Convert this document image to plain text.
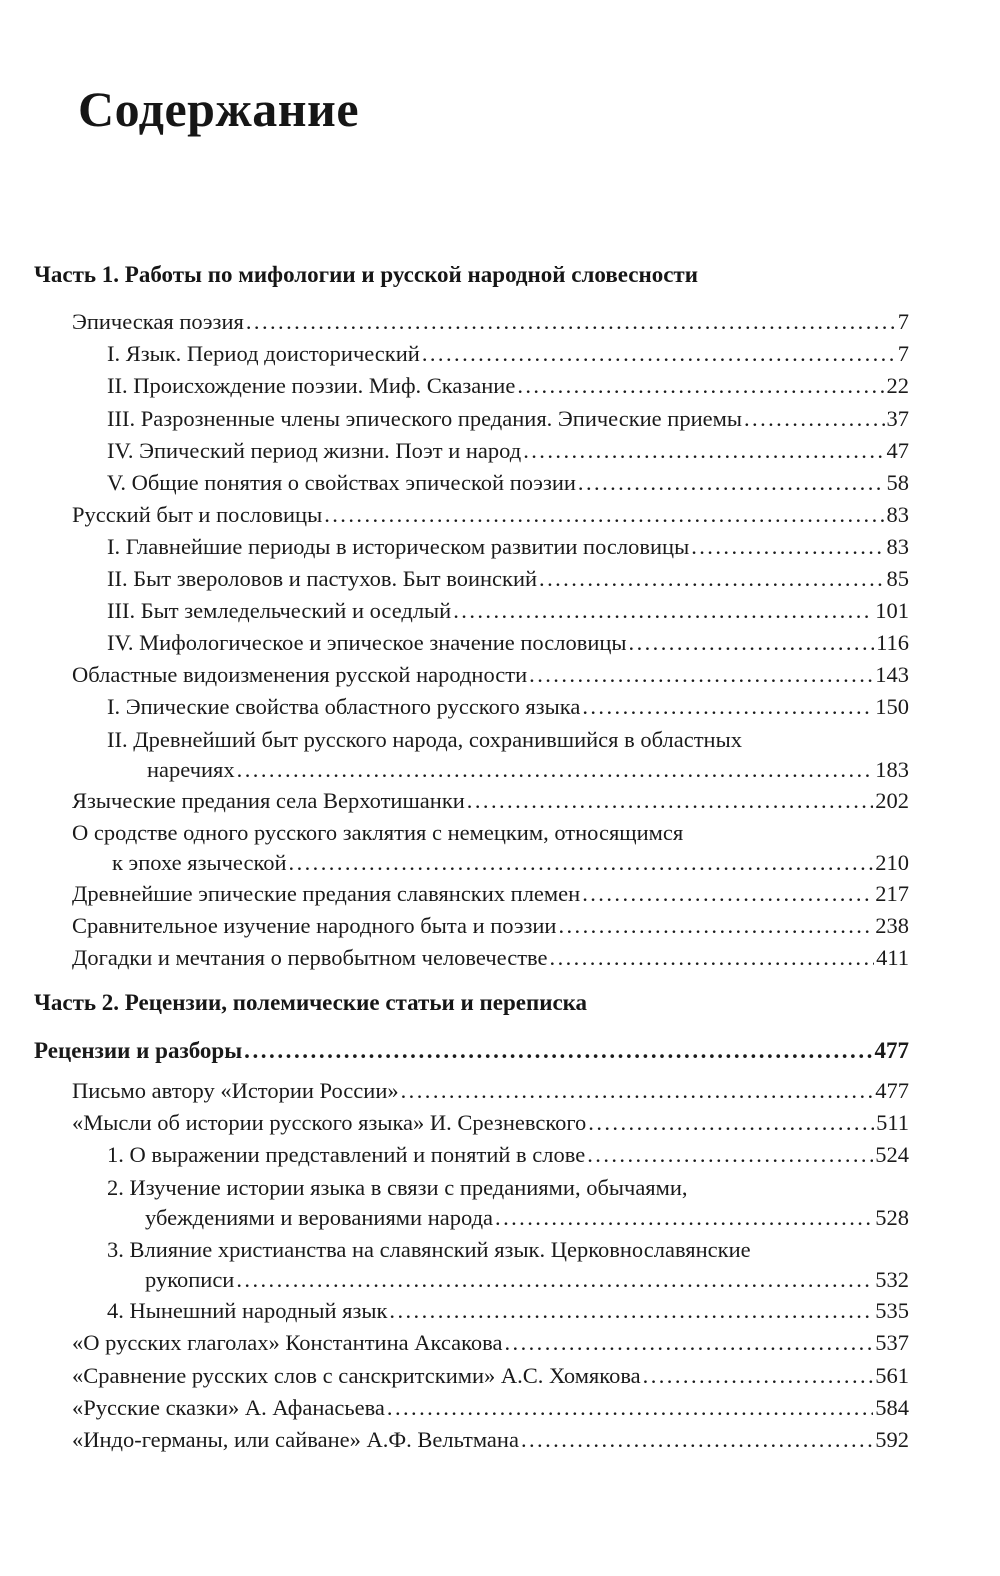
Содержание
Часть 1. Работы по мифологии и русской народной словесности
Эпическая поэзия . . .	7
I. Язык. Период доисторический . . .	7
II. Происхождение поэзии. Миф. Сказание . . .	22
III. Разрозненные члены эпического предания. Эпические приемы . . .	37
IV. Эпический период жизни. Поэт и народ . . .	47
V. Общие понятия о свойствах эпической поэзии . . .	58
Русский быт и пословицы . . .	83
I. Главнейшие периоды в историческом развитии пословицы . . .	83
II. Быт звероловов и пастухов. Быт воинский . . .	85
III. Быт земледельческий и оседлый . . .	101
IV. Мифологическое и эпическое значение пословицы . . .	116
Областные видоизменения русской народности . . .	143
I. Эпические свойства областного русского языка . . .	150
II. Древнейший быт русского народа, сохранившийся в областных
наречиях . . .	183
Языческие предания села Верхотишанки . . .	202
О сродстве одного русского заклятия с немецким, относящимся
к эпохе языческой . . .	210
Древнейшие эпические предания славянских племен . . .	217
Сравнительное изучение народного быта и поэзии . . .	238
Догадки и мечтания о первобытном человечестве . . .	411
Часть 2. Рецензии, полемические статьи и переписка
Рецензии и разборы . . .	477
Письмо автору «Истории России» . . .	477
«Мысли об истории русского языка» И. Срезневского . . .	511
1. О выражении представлений и понятий в слове . . .	524
2. Изучение истории языка в связи с преданиями, обычаями,
убеждениями и верованиями народа . . .	528
3. Влияние христианства на славянский язык. Церковнославянские
рукописи . . .	532
4. Нынешний народный язык . . .	535
«О русских глаголах» Константина Аксакова . . .	537
«Сравнение русских слов с санскритскими» А.С. Хомякова . . .	561
«Русские сказки» А. Афанасьева . . .	584
«Индо-германы, или сайване» А.Ф. Вельтмана . . .	592
